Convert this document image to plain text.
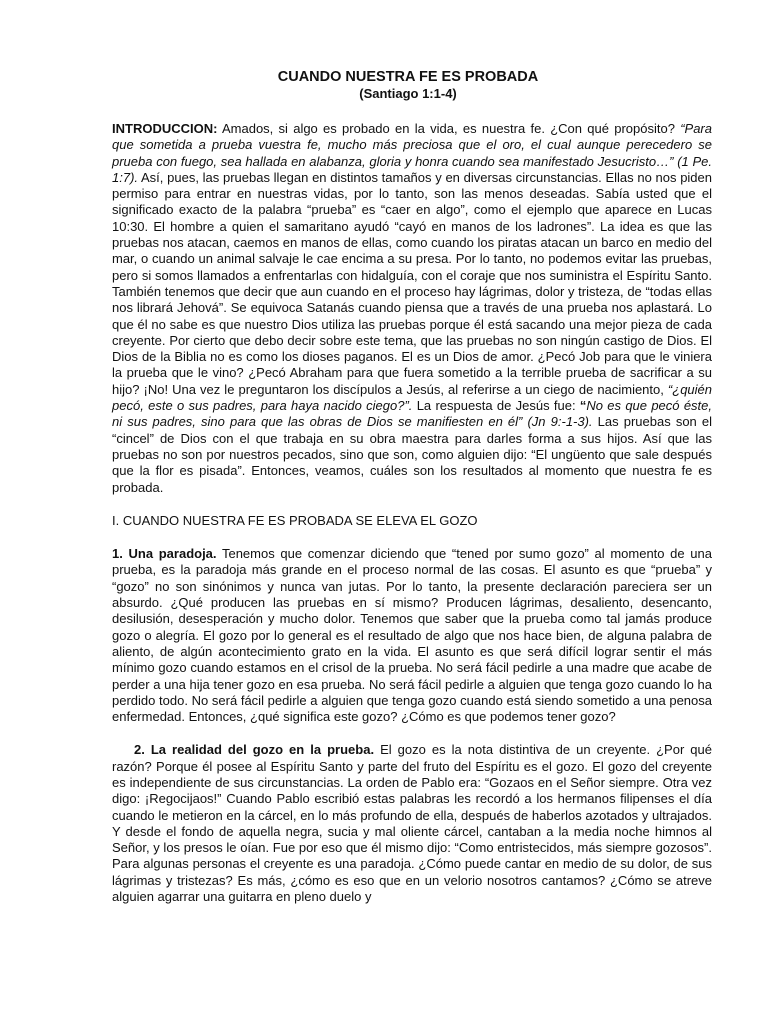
CUANDO NUESTRA FE ES PROBADA
(Santiago 1:1-4)

INTRODUCCION: Amados, si algo es probado en la vida, es nuestra fe. ¿Con qué propósito? “Para que sometida a prueba vuestra fe, mucho más preciosa que el oro, el cual aunque perecedero se prueba con fuego, sea hallada en alabanza, gloria y honra cuando sea manifestado Jesucristo…” (1 Pe. 1:7). Así, pues, las pruebas llegan en distintos tamaños y en diversas circunstancias. Ellas no nos piden permiso para entrar en nuestras vidas, por lo tanto, son las menos deseadas. Sabía usted que el significado exacto de la palabra “prueba” es “caer en algo”, como el ejemplo que aparece en Lucas 10:30. El hombre a quien el samaritano ayudó “cayó en manos de los ladrones”. La idea es que las pruebas nos atacan, caemos en manos de ellas, como cuando los piratas atacan un barco en medio del mar, o cuando un animal salvaje le cae encima a su presa. Por lo tanto, no podemos evitar las pruebas, pero si somos llamados a enfrentarlas con hidalguía, con el coraje que nos suministra el Espíritu Santo. También tenemos que decir que aun cuando en el proceso hay lágrimas, dolor y tristeza, de “todas ellas nos librará Jehová”. Se equivoca Satanás cuando piensa que a través de una prueba nos aplastará. Lo que él no sabe es que nuestro Dios utiliza las pruebas porque él está sacando una mejor pieza de cada creyente. Por cierto que debo decir sobre este tema, que las pruebas no son ningún castigo de Dios. El Dios de la Biblia no es como los dioses paganos. El es un Dios de amor. ¿Pecó Job para que le viniera la prueba que le vino? ¿Pecó Abraham para que fuera sometido a la terrible prueba de sacrificar a su hijo? ¡No! Una vez le preguntaron los discípulos a Jesús, al referirse a un ciego de nacimiento, “¿quién pecó, este o sus padres, para haya nacido ciego?”. La respuesta de Jesús fue: “No es que pecó éste, ni sus padres, sino para que las obras de Dios se manifiesten en él” (Jn 9:-1-3). Las pruebas son el “cincel” de Dios con el que trabaja en su obra maestra para darles forma a sus hijos. Así que las pruebas no son por nuestros pecados, sino que son, como alguien dijo: “El ungüento que sale después que la flor es pisada”. Entonces, veamos, cuáles son los resultados al momento que nuestra fe es probada.

I. CUANDO NUESTRA FE ES PROBADA SE ELEVA EL GOZO

1. Una paradoja. Tenemos que comenzar diciendo que “tened por sumo gozo” al momento de una prueba, es la paradoja más grande en el proceso normal de las cosas. El asunto es que “prueba” y “gozo” no son sinónimos y nunca van jutas. Por lo tanto, la presente declaración pareciera ser un absurdo. ¿Qué producen las pruebas en sí mismo? Producen lágrimas, desaliento, desencanto, desilusión, desesperación y mucho dolor. Tenemos que saber que la prueba como tal jamás produce gozo o alegría. El gozo por lo general es el resultado de algo que nos hace bien, de alguna palabra de aliento, de algún acontecimiento grato en la vida. El asunto es que será difícil lograr sentir el más mínimo gozo cuando estamos en el crisol de la prueba. No será fácil pedirle a una madre que acabe de perder a una hija tener gozo en esa prueba. No será fácil pedirle a alguien que tenga gozo cuando lo ha perdido todo. No será fácil pedirle a alguien que tenga gozo cuando está siendo sometido a una penosa enfermedad. Entonces, ¿qué significa este gozo? ¿Cómo es que podemos tener gozo?

2. La realidad del gozo en la prueba. El gozo es la nota distintiva de un creyente. ¿Por qué razón? Porque él posee al Espíritu Santo y parte del fruto del Espíritu es el gozo. El gozo del creyente es independiente de sus circunstancias. La orden de Pablo era: “Gozaos en el Señor siempre. Otra vez digo: ¡Regocijaos!” Cuando Pablo escribió estas palabras les recordó a los hermanos filipenses el día cuando le metieron en la cárcel, en lo más profundo de ella, después de haberlos azotados y ultrajados. Y desde el fondo de aquella negra, sucia y mal oliente cárcel, cantaban a la media noche himnos al Señor, y los presos le oían. Fue por eso que él mismo dijo: “Como entristecidos, más siempre gozosos”. Para algunas personas el creyente es una paradoja. ¿Cómo puede cantar en medio de su dolor, de sus lágrimas y tristezas? Es más, ¿cómo es eso que en un velorio nosotros cantamos? ¿Cómo se atreve alguien agarrar una guitarra en pleno duelo y
